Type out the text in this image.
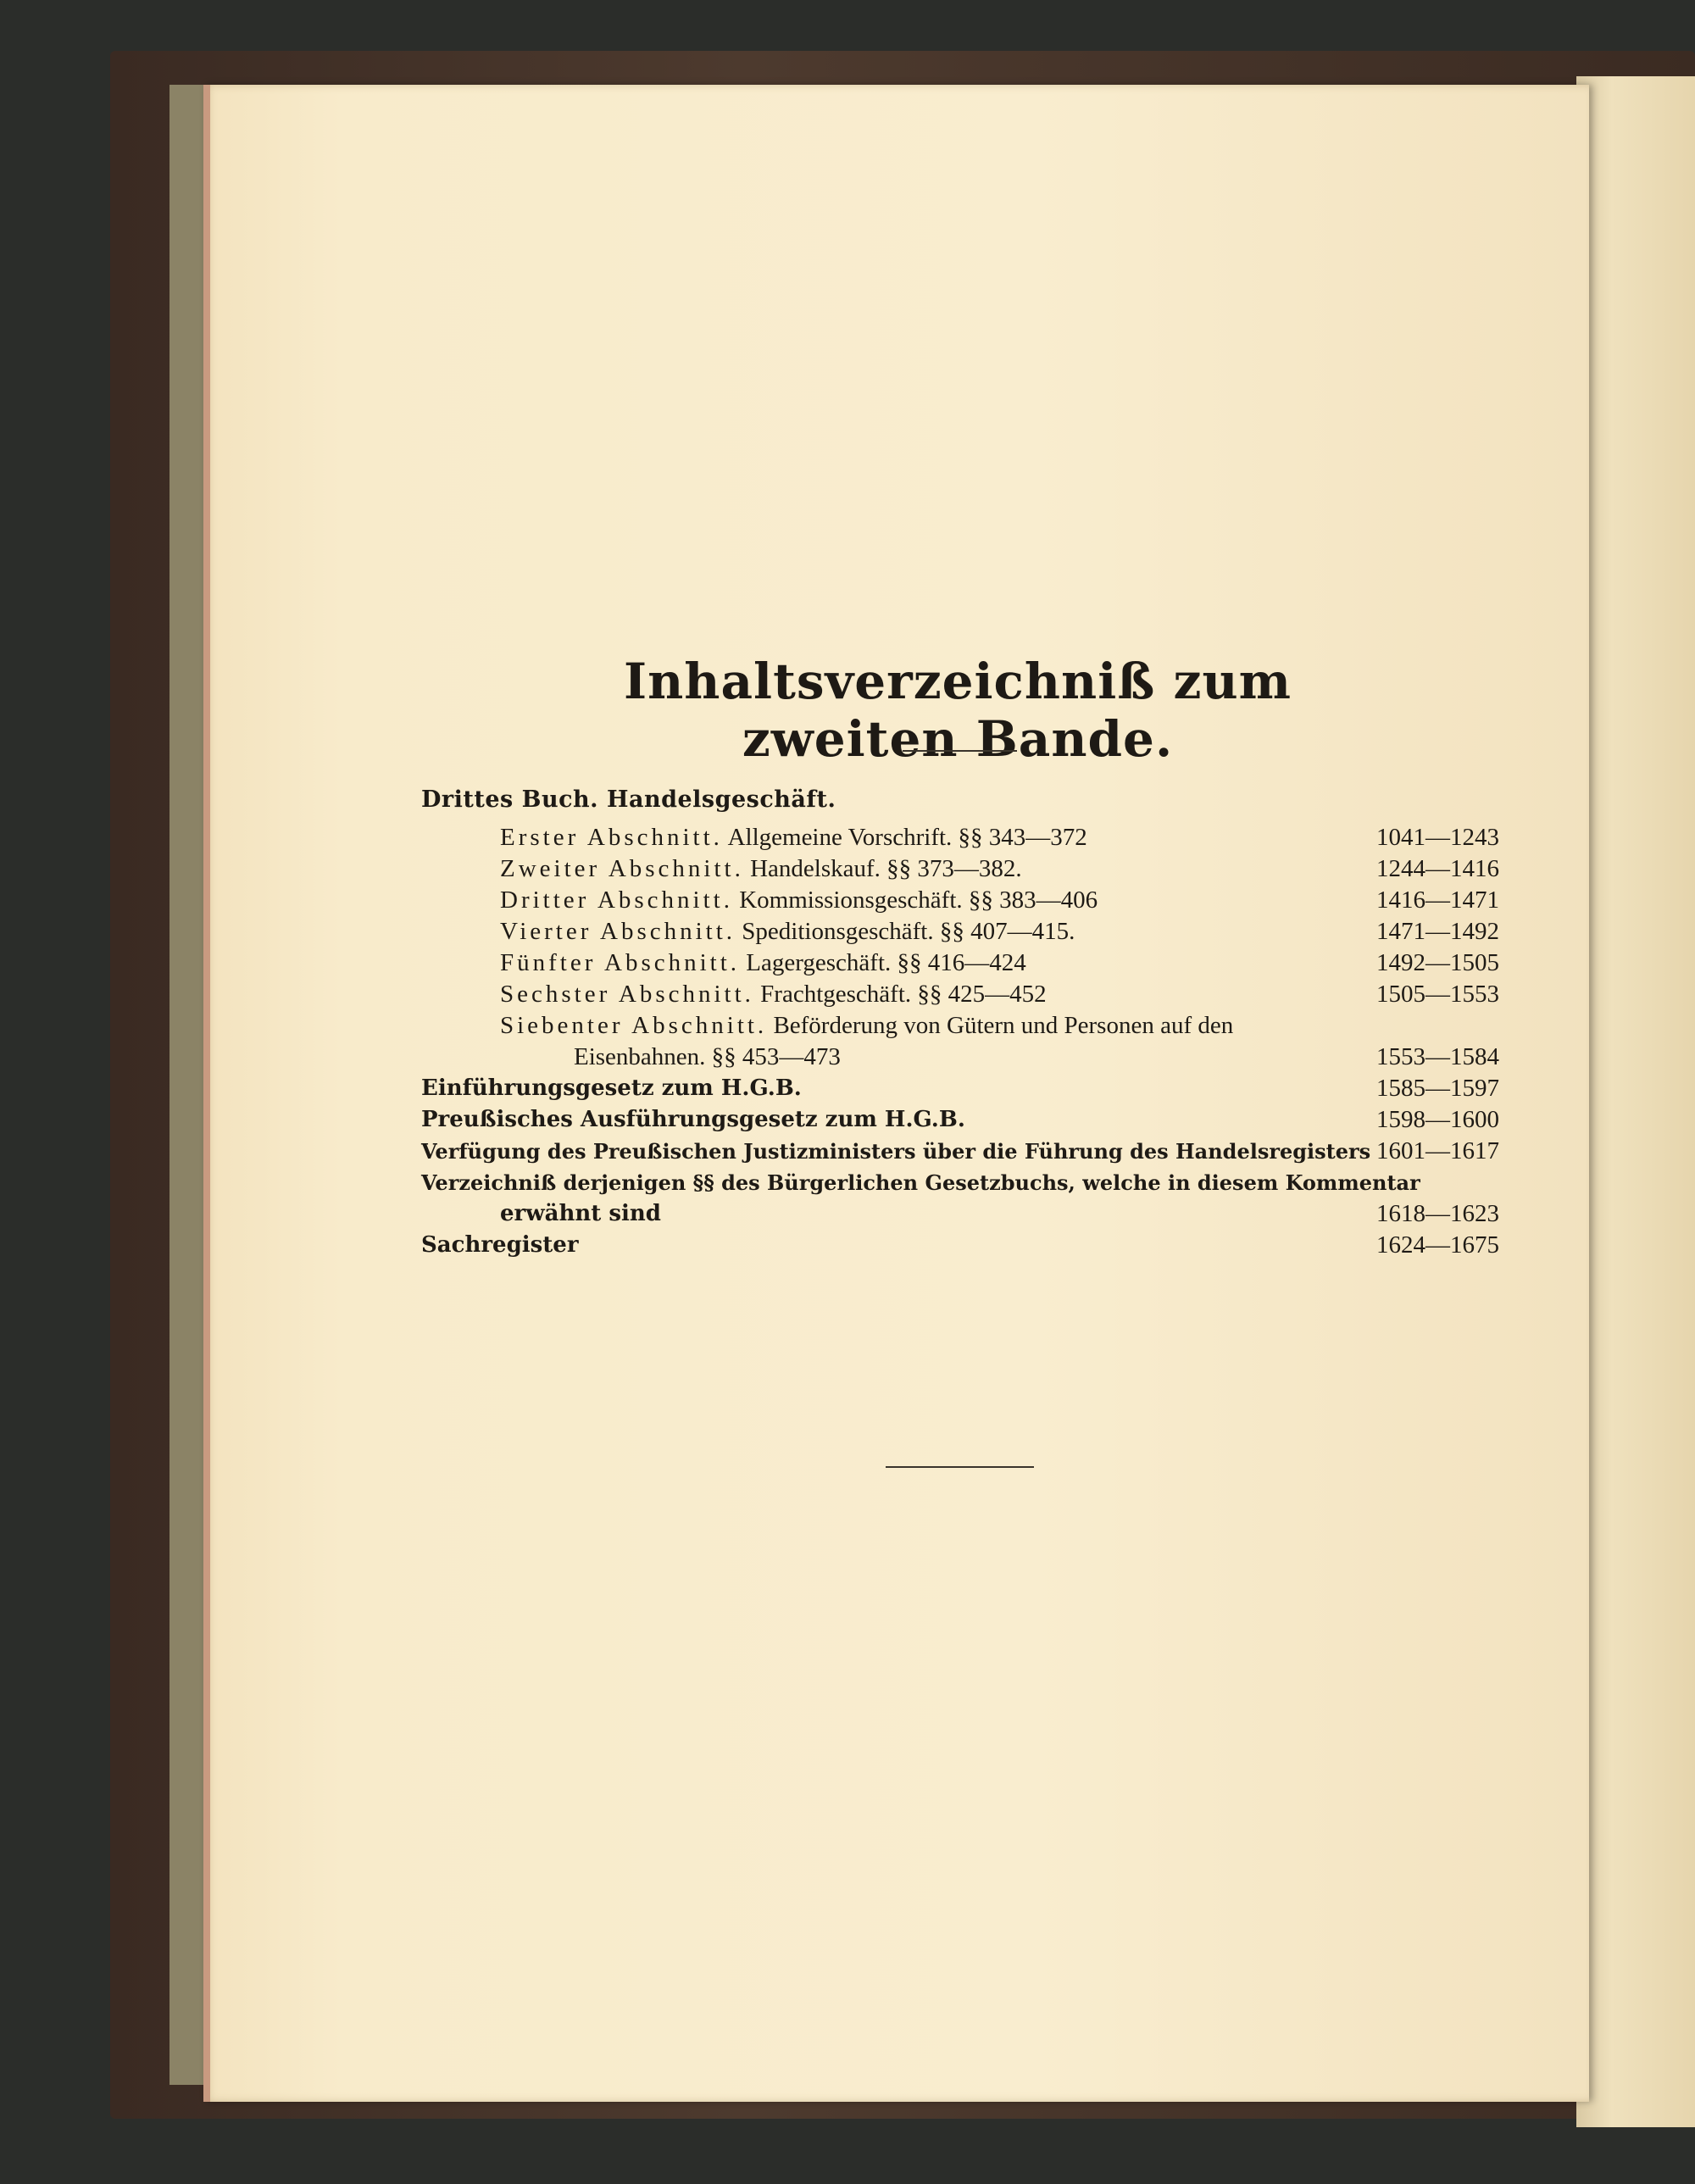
Inhaltsverzeichniß zum zweiten Bande.
Drittes Buch. Handelsgeschäft.
Erster Abschnitt. Allgemeine Vorschrift. §§ 343—372	1041—1243
Zweiter Abschnitt. Handelskauf. §§ 373—382.	1244—1416
Dritter Abschnitt. Kommissionsgeschäft. §§ 383—406	1416—1471
Vierter Abschnitt. Speditionsgeschäft. §§ 407—415.	1471—1492
Fünfter Abschnitt. Lagergeschäft. §§ 416—424	1492—1505
Sechster Abschnitt. Frachtgeschäft. §§ 425—452	1505—1553
Siebenter Abschnitt. Beförderung von Gütern und Personen auf den
Eisenbahnen. §§ 453—473	1553—1584
Einführungsgesetz zum H.G.B.	1585—1597
Preußisches Ausführungsgesetz zum H.G.B.	1598—1600
Verfügung des Preußischen Justizministers über die Führung des Handelsregisters 1601—1617
Verzeichniß derjenigen §§ des Bürgerlichen Gesetzbuchs, welche in diesem Kommentar
erwähnt sind	1618—1623
Sachregister	1624—1675
